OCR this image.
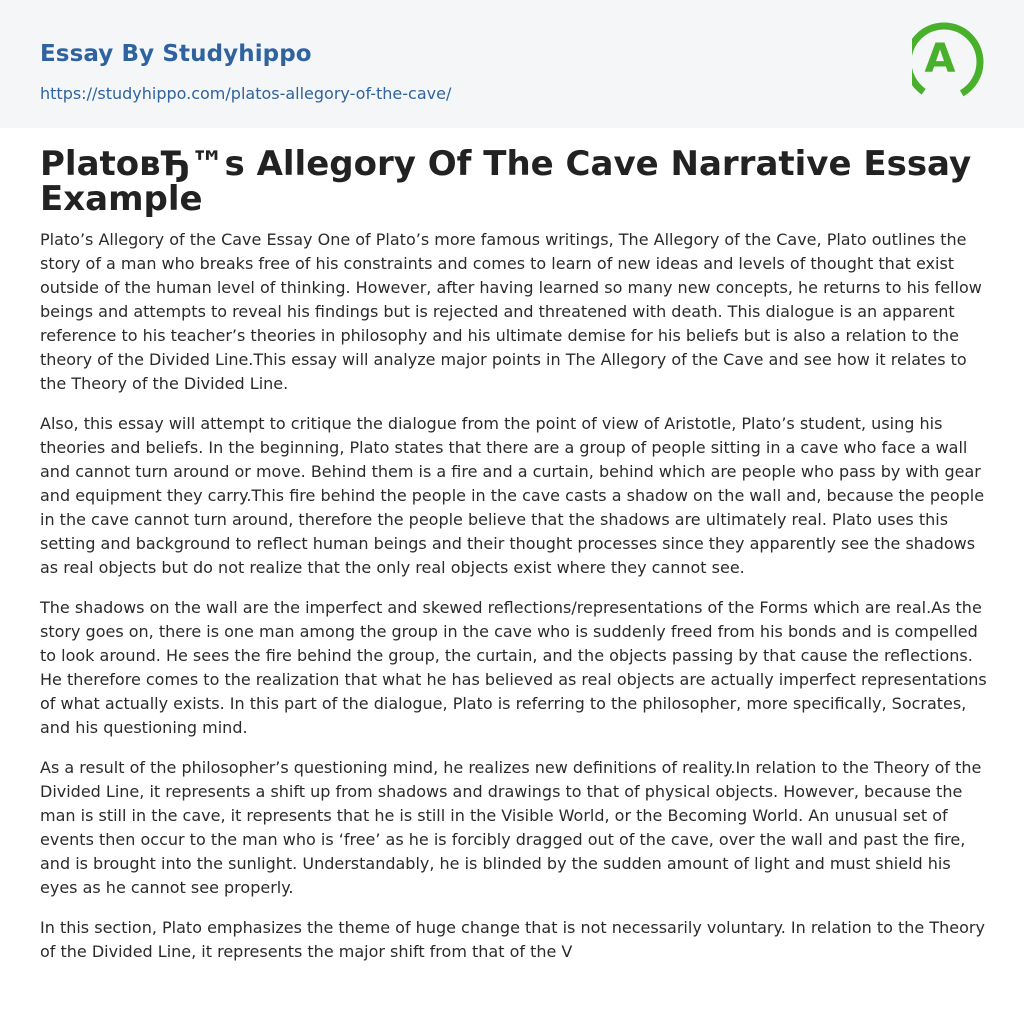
Essay By Studyhippo
https://studyhippo.com/platos-allegory-of-the-cave/
A
PlatoвЂ™s Allegory Of The Cave Narrative Essay Example

Plato’s Allegory of the Cave Essay One of Plato’s more famous writings, The Allegory of the Cave, Plato outlines the story of a man who breaks free of his constraints and comes to learn of new ideas and levels of thought that exist outside of the human level of thinking. However, after having learned so many new concepts, he returns to his fellow beings and attempts to reveal his findings but is rejected and threatened with death. This dialogue is an apparent reference to his teacher’s theories in philosophy and his ultimate demise for his beliefs but is also a relation to the theory of the Divided Line.This essay will analyze major points in The Allegory of the Cave and see how it relates to the Theory of the Divided Line.

Also, this essay will attempt to critique the dialogue from the point of view of Aristotle, Plato’s student, using his theories and beliefs. In the beginning, Plato states that there are a group of people sitting in a cave who face a wall and cannot turn around or move. Behind them is a fire and a curtain, behind which are people who pass by with gear and equipment they carry.This fire behind the people in the cave casts a shadow on the wall and, because the people in the cave cannot turn around, therefore the people believe that the shadows are ultimately real. Plato uses this setting and background to reflect human beings and their thought processes since they apparently see the shadows as real objects but do not realize that the only real objects exist where they cannot see.

The shadows on the wall are the imperfect and skewed reflections/representations of the Forms which are real.As the story goes on, there is one man among the group in the cave who is suddenly freed from his bonds and is compelled to look around. He sees the fire behind the group, the curtain, and the objects passing by that cause the reflections. He therefore comes to the realization that what he has believed as real objects are actually imperfect representations of what actually exists. In this part of the dialogue, Plato is referring to the philosopher, more specifically, Socrates, and his questioning mind.

As a result of the philosopher’s questioning mind, he realizes new definitions of reality.In relation to the Theory of the Divided Line, it represents a shift up from shadows and drawings to that of physical objects. However, because the man is still in the cave, it represents that he is still in the Visible World, or the Becoming World. An unusual set of events then occur to the man who is ‘free’ as he is forcibly dragged out of the cave, over the wall and past the fire, and is brought into the sunlight. Understandably, he is blinded by the sudden amount of light and must shield his eyes as he cannot see properly.

In this section, Plato emphasizes the theme of huge change that is not necessarily voluntary. In relation to the Theory of the Divided Line, it represents the major shift from that of the V
